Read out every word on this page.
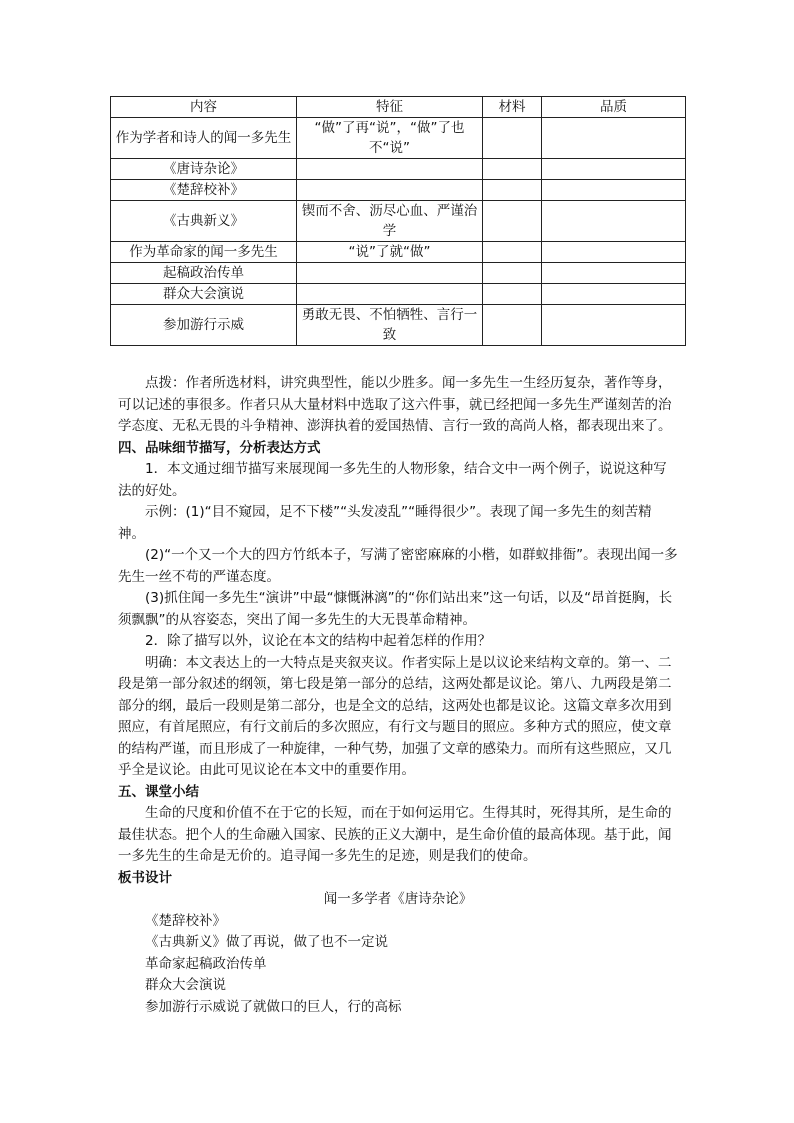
内容	特征	材料	品质
作为学者和诗人的闻一多先生	“做”了再“说”，“做”了也不“说”		
《唐诗杂论》			
《楚辞校补》			
《古典新义》	锲而不舍、沥尽心血、严谨治学		
作为革命家的闻一多先生	“说”了就“做”		
起稿政治传单			
群众大会演说			
参加游行示威	勇敢无畏、不怕牺牲、言行一致		

点拨：作者所选材料，讲究典型性，能以少胜多。闻一多先生一生经历复杂，著作等身，可以记述的事很多。作者只从大量材料中选取了这六件事，就已经把闻一多先生严谨刻苦的治学态度、无私无畏的斗争精神、澎湃执着的爱国热情、言行一致的高尚人格，都表现出来了。

四、品味细节描写，分析表达方式

1．本文通过细节描写来展现闻一多先生的人物形象，结合文中一两个例子，说说这种写法的好处。

示例：(1)“目不窥园，足不下楼”“头发凌乱”“睡得很少”。表现了闻一多先生的刻苦精神。

(2)“一个又一个大的四方竹纸本子，写满了密密麻麻的小楷，如群蚁排衙”。表现出闻一多先生一丝不苟的严谨态度。

(3)抓住闻一多先生“演讲”中最“慷慨淋漓”的“你们站出来”这一句话，以及“昂首挺胸，长须飘飘”的从容姿态，突出了闻一多先生的大无畏革命精神。

2．除了描写以外，议论在本文的结构中起着怎样的作用？

明确：本文表达上的一大特点是夹叙夹议。作者实际上是以议论来结构文章的。第一、二段是第一部分叙述的纲领，第七段是第一部分的总结，这两处都是议论。第八、九两段是第二部分的纲，最后一段则是第二部分，也是全文的总结，这两处也都是议论。这篇文章多次用到照应，有首尾照应，有行文前后的多次照应，有行文与题目的照应。多种方式的照应，使文章的结构严谨，而且形成了一种旋律，一种气势，加强了文章的感染力。而所有这些照应，又几乎全是议论。由此可见议论在本文中的重要作用。

五、课堂小结

生命的尺度和价值不在于它的长短，而在于如何运用它。生得其时，死得其所，是生命的最佳状态。把个人的生命融入国家、民族的正义大潮中，是生命价值的最高体现。基于此，闻一多先生的生命是无价的。追寻闻一多先生的足迹，则是我们的使命。

板书设计

闻一多学者《唐诗杂论》

《楚辞校补》

《古典新义》做了再说，做了也不一定说

革命家起稿政治传单

群众大会演说

参加游行示威说了就做口的巨人，行的高标
